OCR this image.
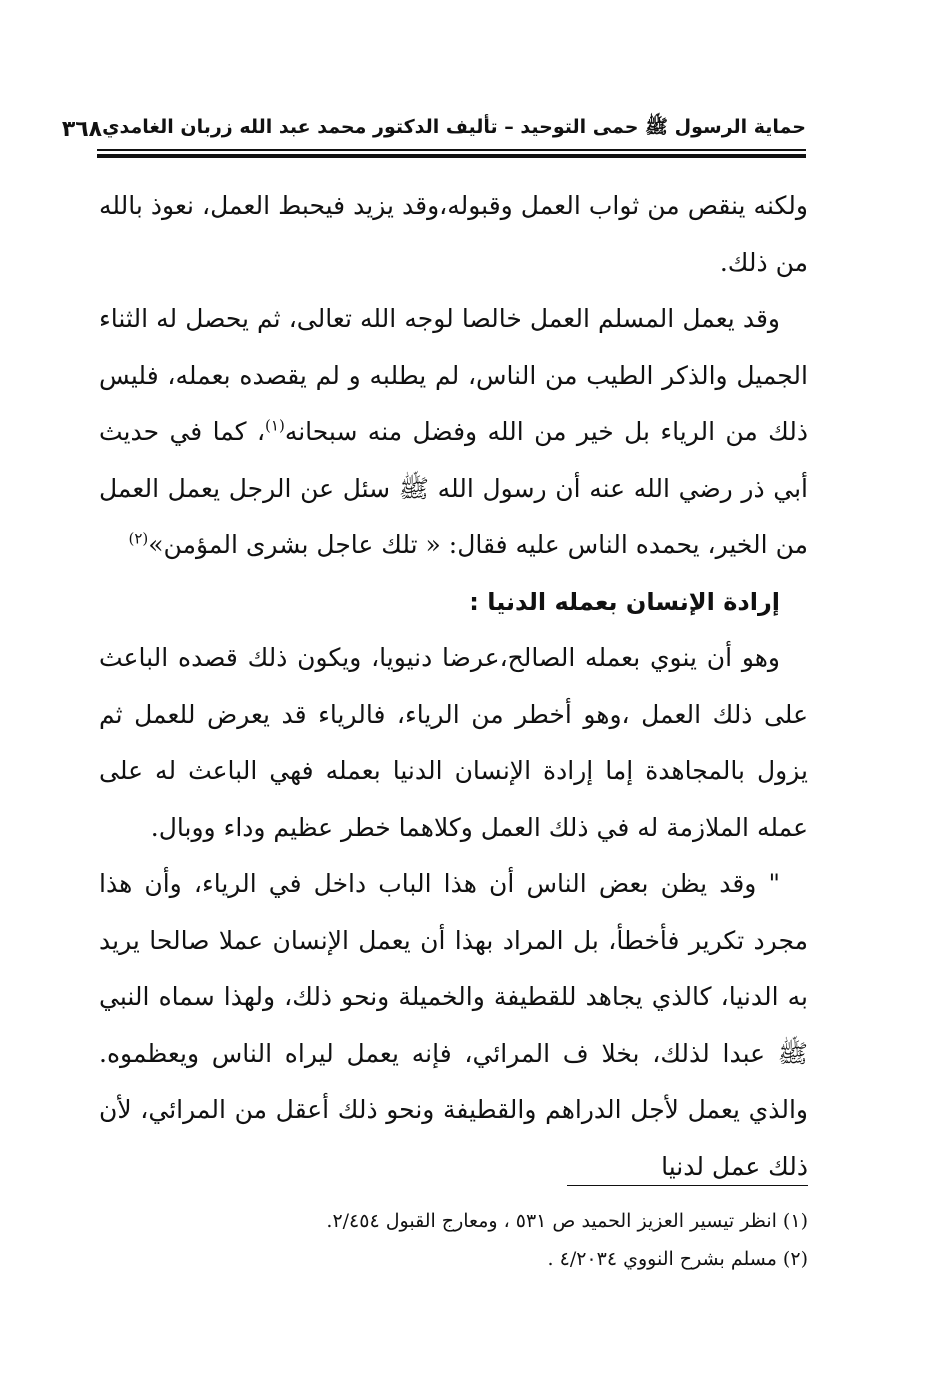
حماية الرسول ﷺ حمى التوحيد – تأليف الدكتور محمد عبد الله زربان الغامدي
٣٦٨

ولكنه ينقص من ثواب العمل وقبوله،وقد يزيد فيحبط العمل، نعوذ بالله من ذلك.

وقد يعمل المسلم العمل خالصا لوجه الله تعالى، ثم يحصل له الثناء الجميل والذكر الطيب من الناس، لم يطلبه و لم يقصده بعمله، فليس ذلك من الرياء بل خير من الله وفضل منه سبحانه$^{(١)}$، كما في حديث أبي ذر رضي الله عنه أن رسول الله ﷺ سئل عن الرجل يعمل العمل من الخير، يحمده الناس عليه فقال: « تلك عاجل بشرى المؤمن»$^{(٢)}$

إرادة الإنسان بعمله الدنيا :

وهو أن ينوي بعمله الصالح،عرضا دنيويا، ويكون ذلك قصده الباعث على ذلك العمل ،وهو أخطر من الرياء، فالرياء قد يعرض للعمل ثم يزول بالمجاهدة إما إرادة الإنسان الدنيا بعمله فهي الباعث له على عمله الملازمة له في ذلك العمل وكلاهما خطر عظيم وداء ووبال.

" وقد يظن بعض الناس أن هذا الباب داخل في الرياء، وأن هذا مجرد تكرير فأخطأ، بل المراد بهذا أن يعمل الإنسان عملا صالحا يريد به الدنيا، كالذي يجاهد للقطيفة والخميلة ونحو ذلك، ولهذا سماه النبي ﷺ عبدا لذلك، بخلا ف المرائي، فإنه يعمل ليراه الناس ويعظموه. والذي يعمل لأجل الدراهم والقطيفة ونحو ذلك أعقل من المرائي، لأن ذلك عمل لدنيا

(١) انظر تيسير العزيز الحميد ص ٥٣١ ، ومعارج القبول ٢/٤٥٤.

(٢) مسلم بشرح النووي ٤/٢٠٣٤ .
